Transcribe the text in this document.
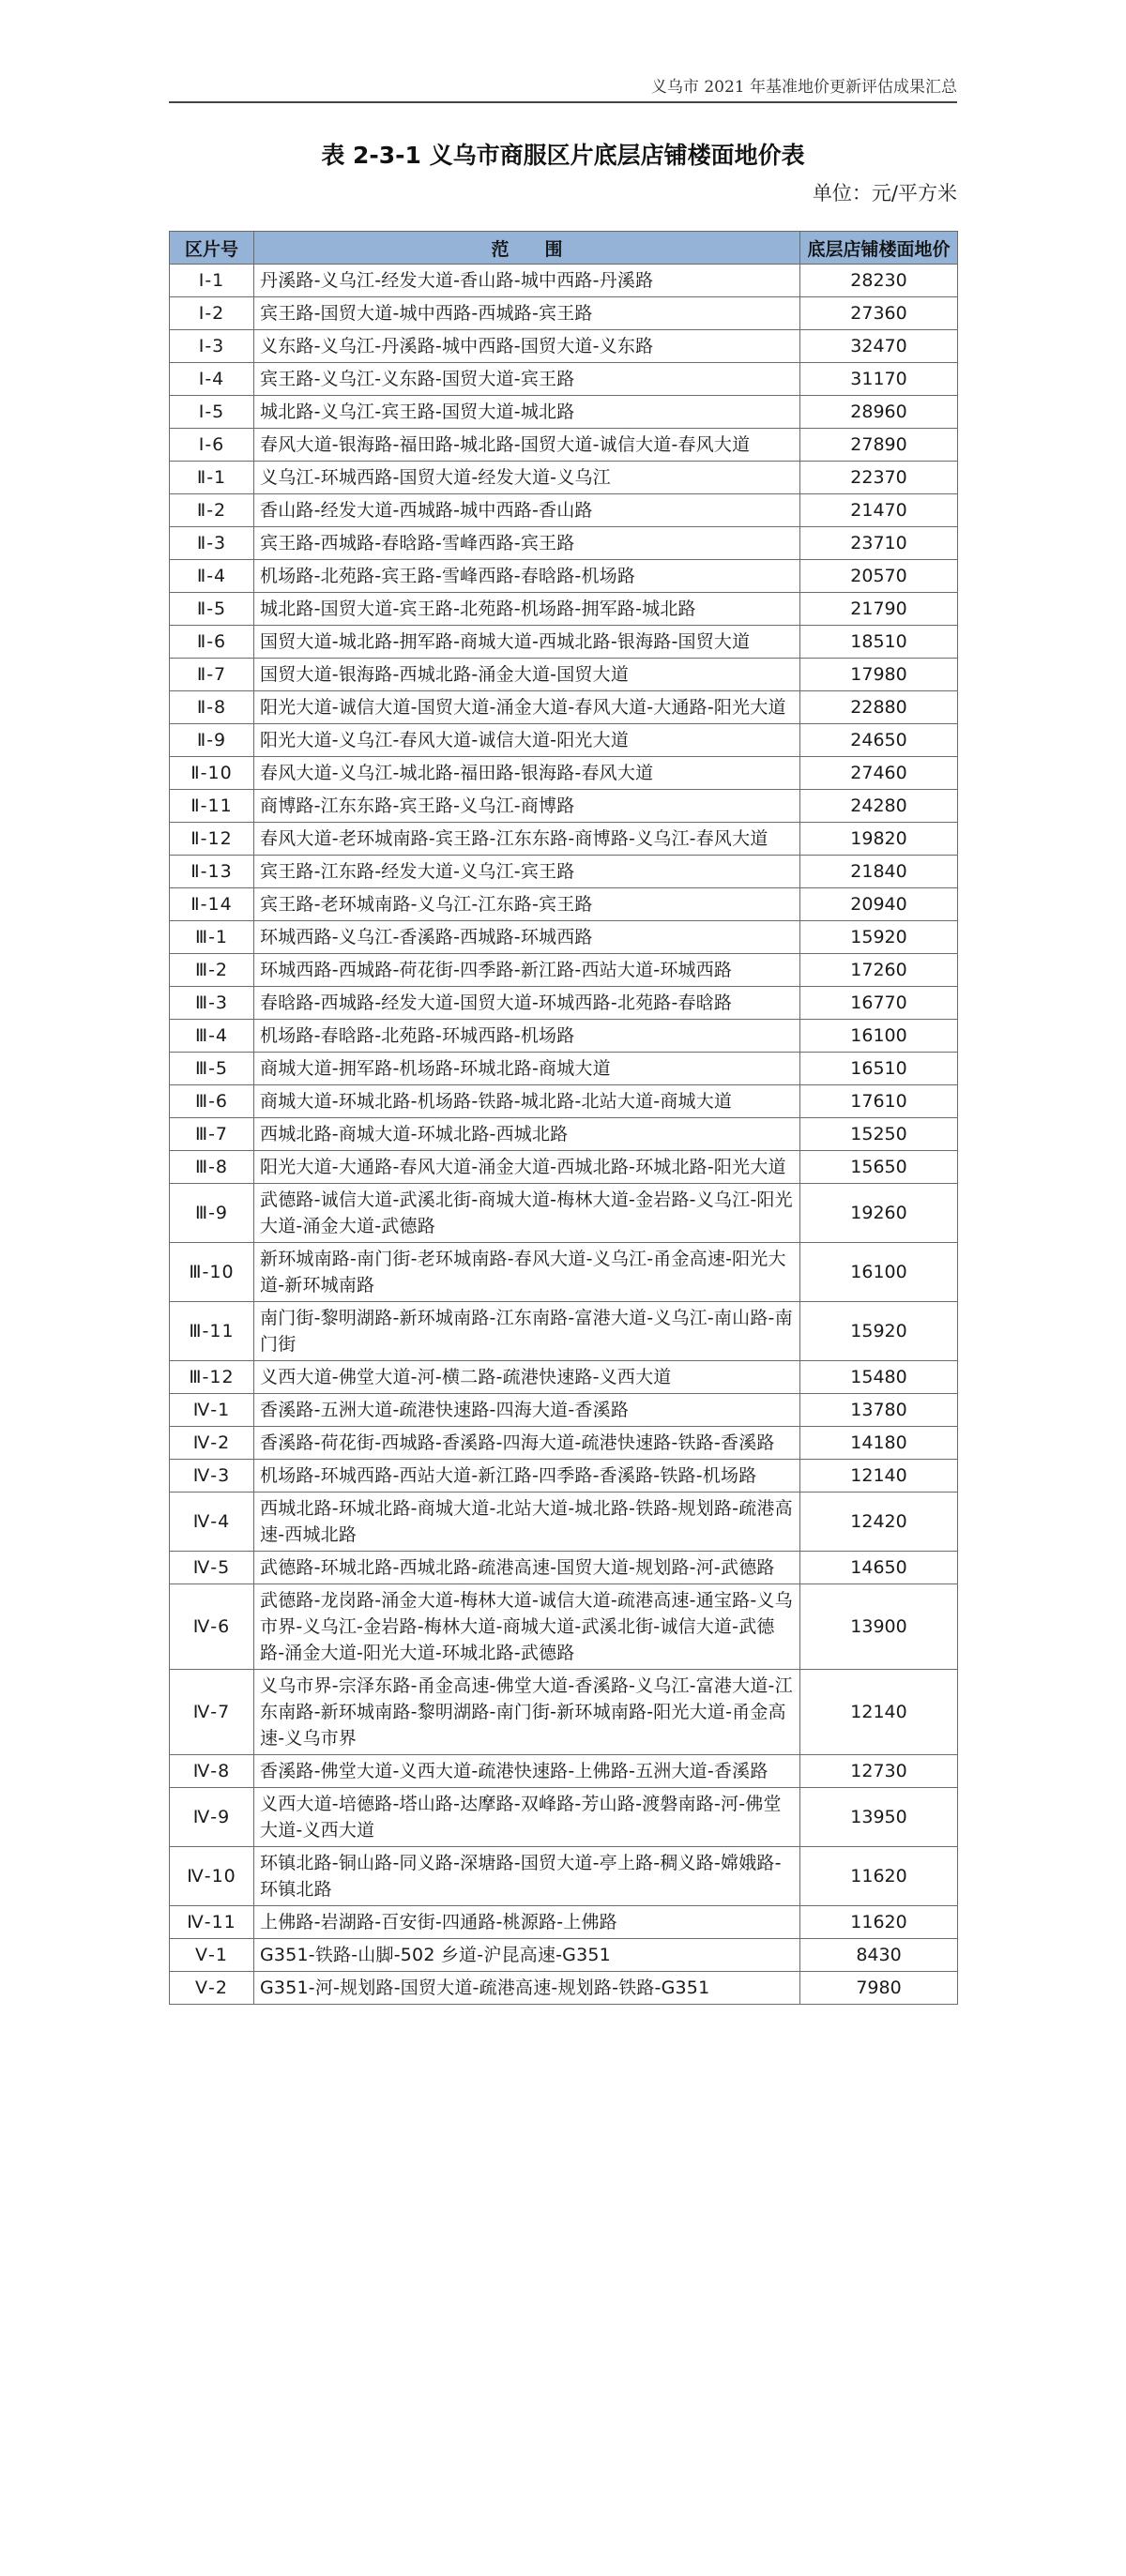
义乌市 2021 年基准地价更新评估成果汇总
表 2-3-1 义乌市商服区片底层店铺楼面地价表
单位：元/平方米
区片号	范　　围	底层店铺楼面地价
Ⅰ-1	丹溪路-义乌江-经发大道-香山路-城中西路-丹溪路	28230
Ⅰ-2	宾王路-国贸大道-城中西路-西城路-宾王路	27360
Ⅰ-3	义东路-义乌江-丹溪路-城中西路-国贸大道-义东路	32470
Ⅰ-4	宾王路-义乌江-义东路-国贸大道-宾王路	31170
Ⅰ-5	城北路-义乌江-宾王路-国贸大道-城北路	28960
Ⅰ-6	春风大道-银海路-福田路-城北路-国贸大道-诚信大道-春风大道	27890
Ⅱ-1	义乌江-环城西路-国贸大道-经发大道-义乌江	22370
Ⅱ-2	香山路-经发大道-西城路-城中西路-香山路	21470
Ⅱ-3	宾王路-西城路-春晗路-雪峰西路-宾王路	23710
Ⅱ-4	机场路-北苑路-宾王路-雪峰西路-春晗路-机场路	20570
Ⅱ-5	城北路-国贸大道-宾王路-北苑路-机场路-拥军路-城北路	21790
Ⅱ-6	国贸大道-城北路-拥军路-商城大道-西城北路-银海路-国贸大道	18510
Ⅱ-7	国贸大道-银海路-西城北路-涌金大道-国贸大道	17980
Ⅱ-8	阳光大道-诚信大道-国贸大道-涌金大道-春风大道-大通路-阳光大道	22880
Ⅱ-9	阳光大道-义乌江-春风大道-诚信大道-阳光大道	24650
Ⅱ-10	春风大道-义乌江-城北路-福田路-银海路-春风大道	27460
Ⅱ-11	商博路-江东东路-宾王路-义乌江-商博路	24280
Ⅱ-12	春风大道-老环城南路-宾王路-江东东路-商博路-义乌江-春风大道	19820
Ⅱ-13	宾王路-江东路-经发大道-义乌江-宾王路	21840
Ⅱ-14	宾王路-老环城南路-义乌江-江东路-宾王路	20940
Ⅲ-1	环城西路-义乌江-香溪路-西城路-环城西路	15920
Ⅲ-2	环城西路-西城路-荷花街-四季路-新江路-西站大道-环城西路	17260
Ⅲ-3	春晗路-西城路-经发大道-国贸大道-环城西路-北苑路-春晗路	16770
Ⅲ-4	机场路-春晗路-北苑路-环城西路-机场路	16100
Ⅲ-5	商城大道-拥军路-机场路-环城北路-商城大道	16510
Ⅲ-6	商城大道-环城北路-机场路-铁路-城北路-北站大道-商城大道	17610
Ⅲ-7	西城北路-商城大道-环城北路-西城北路	15250
Ⅲ-8	阳光大道-大通路-春风大道-涌金大道-西城北路-环城北路-阳光大道	15650
Ⅲ-9	武德路-诚信大道-武溪北街-商城大道-梅林大道-金岩路-义乌江-阳光大道-涌金大道-武德路	19260
Ⅲ-10	新环城南路-南门街-老环城南路-春风大道-义乌江-甬金高速-阳光大道-新环城南路	16100
Ⅲ-11	南门街-黎明湖路-新环城南路-江东南路-富港大道-义乌江-南山路-南门街	15920
Ⅲ-12	义西大道-佛堂大道-河-横二路-疏港快速路-义西大道	15480
Ⅳ-1	香溪路-五洲大道-疏港快速路-四海大道-香溪路	13780
Ⅳ-2	香溪路-荷花街-西城路-香溪路-四海大道-疏港快速路-铁路-香溪路	14180
Ⅳ-3	机场路-环城西路-西站大道-新江路-四季路-香溪路-铁路-机场路	12140
Ⅳ-4	西城北路-环城北路-商城大道-北站大道-城北路-铁路-规划路-疏港高速-西城北路	12420
Ⅳ-5	武德路-环城北路-西城北路-疏港高速-国贸大道-规划路-河-武德路	14650
Ⅳ-6	武德路-龙岗路-涌金大道-梅林大道-诚信大道-疏港高速-通宝路-义乌市界-义乌江-金岩路-梅林大道-商城大道-武溪北街-诚信大道-武德路-涌金大道-阳光大道-环城北路-武德路	13900
Ⅳ-7	义乌市界-宗泽东路-甬金高速-佛堂大道-香溪路-义乌江-富港大道-江东南路-新环城南路-黎明湖路-南门街-新环城南路-阳光大道-甬金高速-义乌市界	12140
Ⅳ-8	香溪路-佛堂大道-义西大道-疏港快速路-上佛路-五洲大道-香溪路	12730
Ⅳ-9	义西大道-培德路-塔山路-达摩路-双峰路-芳山路-渡磐南路-河-佛堂大道-义西大道	13950
Ⅳ-10	环镇北路-铜山路-同义路-深塘路-国贸大道-亭上路-稠义路-嫦娥路-环镇北路	11620
Ⅳ-11	上佛路-岩湖路-百安街-四通路-桃源路-上佛路	11620
Ⅴ-1	G351-铁路-山脚-502 乡道-沪昆高速-G351	8430
Ⅴ-2	G351-河-规划路-国贸大道-疏港高速-规划路-铁路-G351	7980
